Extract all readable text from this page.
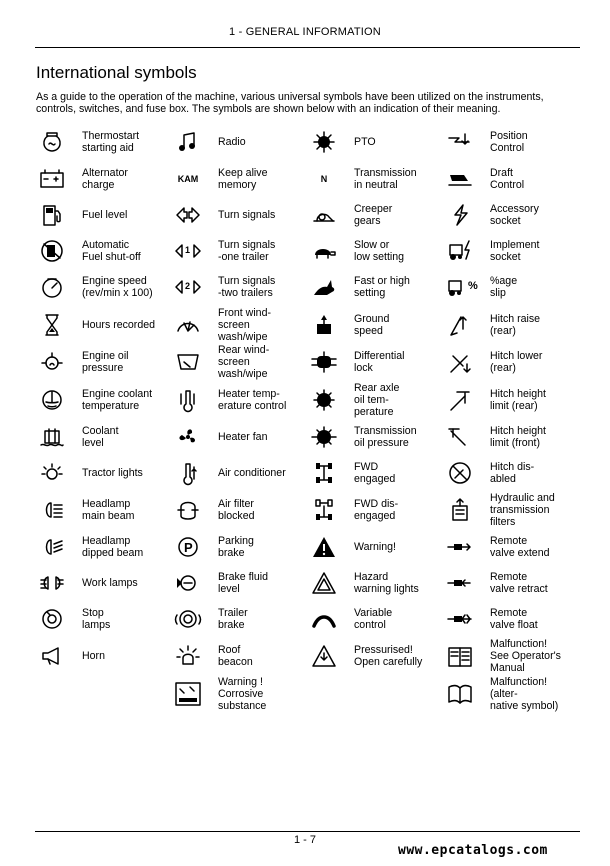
1 - GENERAL INFORMATION
International symbols
As a guide to the operation of the machine, various universal symbols have been utilized on the instruments, controls, switches, and fuse box. The symbols are shown below with an indication of their meaning.
Thermostart
starting aid
Alternator
charge
Fuel level
Automatic
Fuel shut-off
Engine speed
(rev/min x 100)
Hours recorded
Engine oil
pressure
Engine coolant
temperature
Coolant
level
Tractor lights
Headlamp
main beam
Headlamp
dipped beam
Work lamps
Stop
lamps
Horn
Radio
KAM Keep alive
memory
Turn signals
1	Turn signals
-one trailer
2	Turn signals
-two trailers
Front wind-
screen
wash/wipe
Rear wind-
screen
wash/wipe
Heater temp-
erature control
Heater fan
Air conditioner
Air filter
blocked
P Parking
brake
Brake fluid
level
Trailer
brake
Roof
beacon
Warning !
Corrosive
substance
PTO
N	Transmission
in neutral
Creeper
gears
Slow or
low setting
Fast or high
setting
Ground
speed
Differential
lock
Rear axle
oil tem-
perature
Transmission
oil pressure
FWD
engaged
FWD dis-
engaged
Warning!
Hazard
warning lights
Variable
control
Pressurised!
Open carefully
Position
Control
Draft
Control
Accessory
socket
Implement
socket
% %age
slip
Hitch raise
(rear)
Hitch lower
(rear)
Hitch height
limit (rear)
Hitch height
limit (front)
Hitch dis-
abled
Hydraulic and
transmission
filters
Remote
valve extend
Remote
valve retract
Remote
valve float
Malfunction!
See Operator's
Manual
Malfunction!
(alter-
native symbol)
1 - 7
www.epcatalogs.com
